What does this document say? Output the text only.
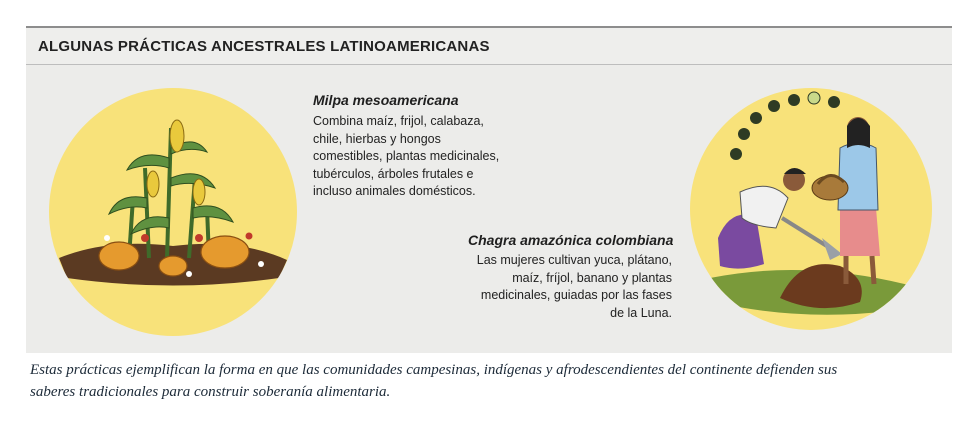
ALGUNAS PRÁCTICAS ANCESTRALES LATINOAMERICANAS
Milpa mesoamericana
Combina maíz, frijol, calabaza,
chile, hierbas y hongos
comestibles, plantas medicinales,
tubérculos, árboles frutales e
incluso animales domésticos.
Chagra amazónica colombiana
Las mujeres cultivan yuca, plátano,
maíz, fríjol, banano y plantas
medicinales, guiadas por las fases
de la Luna.
Estas prácticas ejemplifican la forma en que las comunidades campesinas, indígenas y afrodescendientes del continente defienden sus
saberes tradicionales para construir soberanía alimentaria.
